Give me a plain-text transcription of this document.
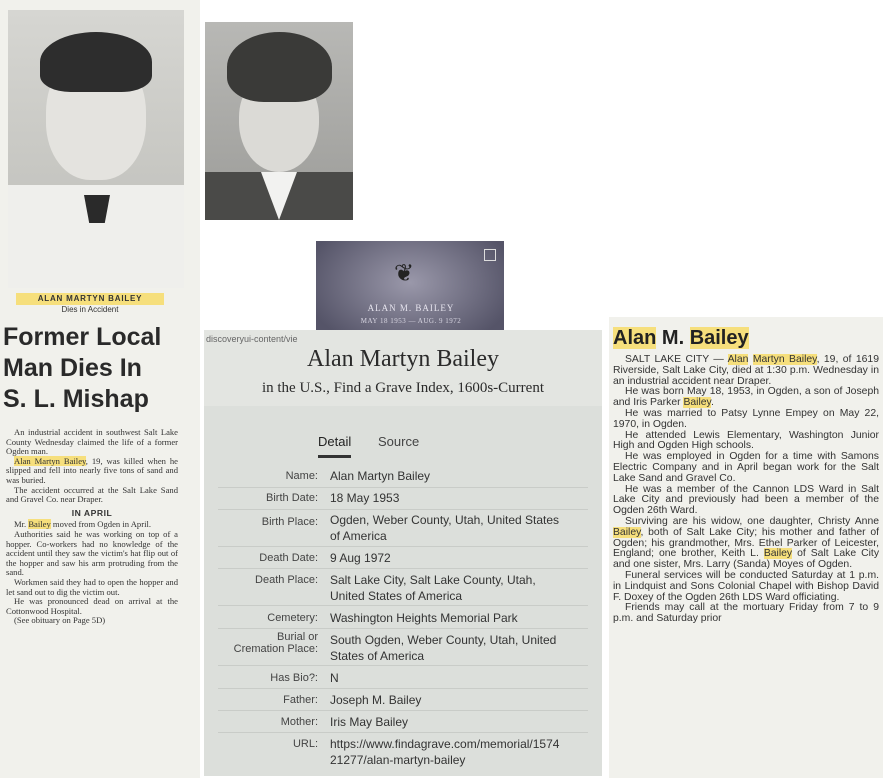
ALAN MARTYN BAILEY
Dies in Accident
Former Local
Man Dies In
S. L. Mishap

An industrial accident in southwest Salt Lake County Wednesday claimed the life of a former Ogden man.

Alan Martyn Bailey, 19, was killed when he slipped and fell into nearly five tons of sand and was buried.

The accident occurred at the Salt Lake Sand and Gravel Co. near Draper.

IN APRIL

Mr. Bailey moved from Ogden in April.

Authorities said he was working on top of a hopper. Co-workers had no knowledge of the accident until they saw the victim's hat flip out of the hopper and saw his arm protruding from the sand.

Workmen said they had to open the hopper and let sand out to dig the victim out.

He was pronounced dead on arrival at the Cottonwood Hospital.

(See obituary on Page 5D)

❦
ALAN M. BAILEY
MAY 18 1953 — AUG. 9 1972
discoveryui-content/vie
Alan Martyn Bailey
in the U.S., Find a Grave Index, 1600s-Current
Detail Source
Name: Alan Martyn Bailey
Birth Date: 18 May 1953
Birth Place: Ogden, Weber County, Utah, United States of America
Death Date: 9 Aug 1972
Death Place: Salt Lake City, Salt Lake County, Utah, United States of America
Cemetery: Washington Heights Memorial Park
Burial or Cremation Place:
South Ogden, Weber County, Utah, United States of America
Has Bio?: N
Father: Joseph M. Bailey
Mother: Iris May Bailey
URL: https://www.findagrave.com/memorial/157421277/alan-martyn-bailey
Alan M. Bailey

SALT LAKE CITY — Alan Martyn Bailey, 19, of 1619 Riverside, Salt Lake City, died at 1:30 p.m. Wednesday in an industrial accident near Draper.

He was born May 18, 1953, in Ogden, a son of Joseph and Iris Parker Bailey.

He was married to Patsy Lynne Empey on May 22, 1970, in Ogden.

He attended Lewis Elementary, Washington Junior High and Ogden High schools.

He was employed in Ogden for a time with Samons Electric Company and in April began work for the Salt Lake Sand and Gravel Co.

He was a member of the Cannon LDS Ward in Salt Lake City and previously had been a member of the Ogden 26th Ward.

Surviving are his widow, one daughter, Christy Anne Bailey, both of Salt Lake City; his mother and father of Ogden; his grandmother, Mrs. Ethel Parker of Leicester, England; one brother, Keith L. Bailey of Salt Lake City and one sister, Mrs. Larry (Sanda) Moyes of Ogden.

Funeral services will be conducted Saturday at 1 p.m. in Lindquist and Sons Colonial Chapel with Bishop David F. Doxey of the Ogden 26th LDS Ward officiating.

Friends may call at the mortuary Friday from 7 to 9 p.m. and Saturday prior
